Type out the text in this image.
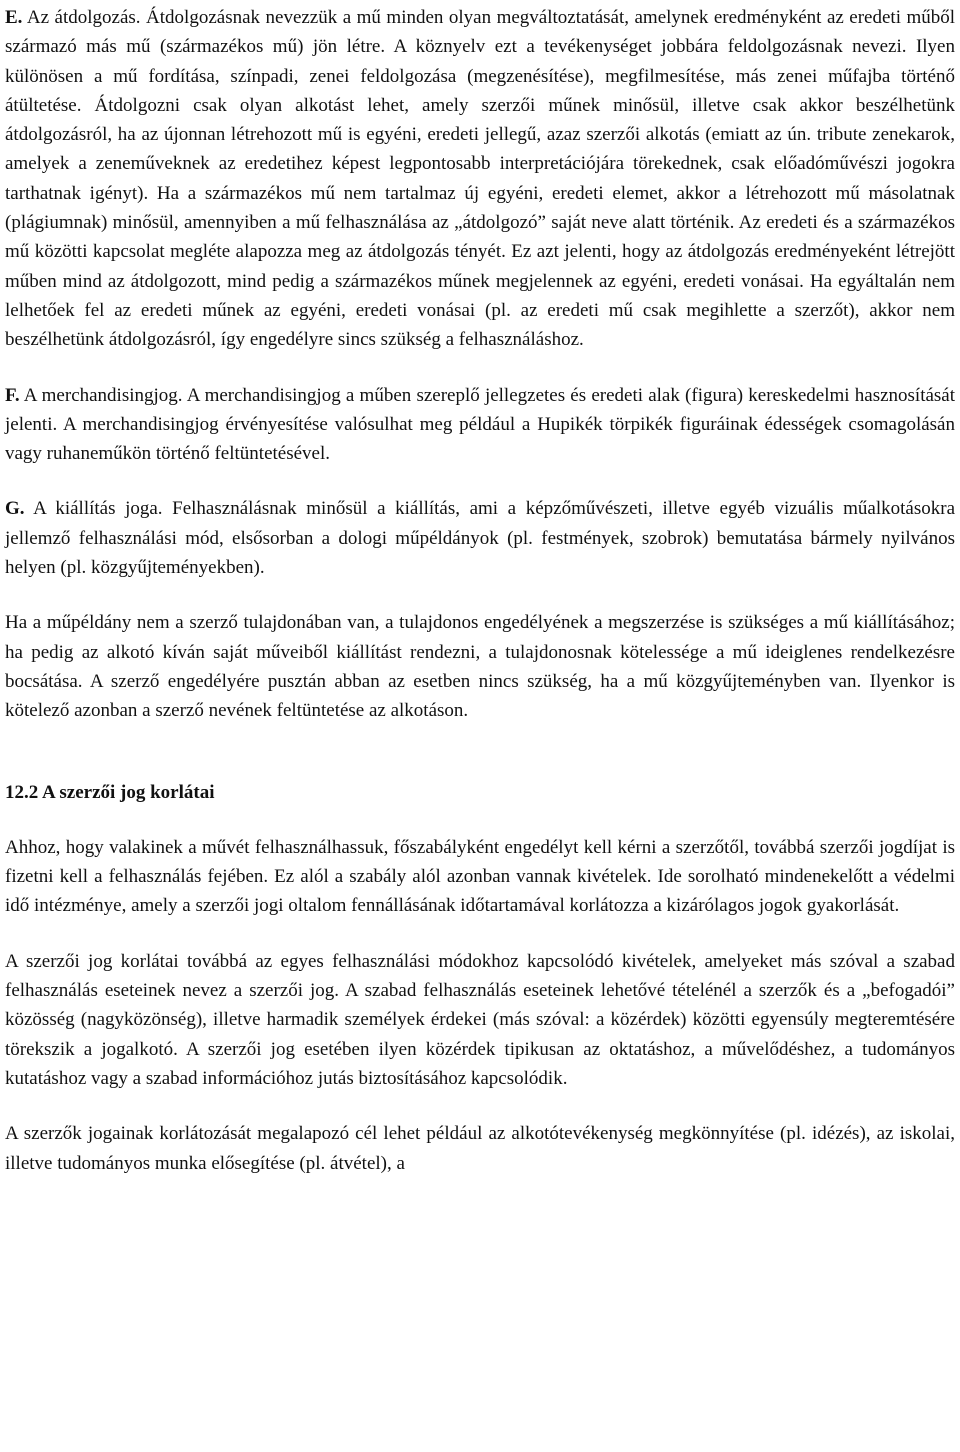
E. Az átdolgozás. Átdolgozásnak nevezzük a mű minden olyan megváltoztatását, amelynek eredményként az eredeti műből származó más mű (származékos mű) jön létre. A köznyelv ezt a tevékenységet jobbára feldolgozásnak nevezi. Ilyen különösen a mű fordítása, színpadi, zenei feldolgozása (megzenésítése), megfilmesítése, más zenei műfajba történő átültetése. Átdolgozni csak olyan alkotást lehet, amely szerzői műnek minősül, illetve csak akkor beszélhetünk átdolgozásról, ha az újonnan létrehozott mű is egyéni, eredeti jellegű, azaz szerzői alkotás (emiatt az ún. tribute zenekarok, amelyek a zeneműveknek az eredetihez képest legpontosabb interpretációjára törekednek, csak előadóművészi jogokra tarthatnak igényt). Ha a származékos mű nem tartalmaz új egyéni, eredeti elemet, akkor a létrehozott mű másolatnak (plágiumnak) minősül, amennyiben a mű felhasználása az „átdolgozó” saját neve alatt történik. Az eredeti és a származékos mű közötti kapcsolat megléte alapozza meg az átdolgozás tényét. Ez azt jelenti, hogy az átdolgozás eredményeként létrejött műben mind az átdolgozott, mind pedig a származékos műnek megjelennek az egyéni, eredeti vonásai. Ha egyáltalán nem lelhetőek fel az eredeti műnek az egyéni, eredeti vonásai (pl. az eredeti mű csak megihlette a szerzőt), akkor nem beszélhetünk átdolgozásról, így engedélyre sincs szükség a felhasználáshoz.

F. A merchandisingjog. A merchandisingjog a műben szereplő jellegzetes és eredeti alak (figura) kereskedelmi hasznosítását jelenti. A merchandisingjog érvényesítése valósulhat meg például a Hupikék törpikék figuráinak édességek csomagolásán vagy ruhaneműkön történő feltüntetésével.

G. A kiállítás joga. Felhasználásnak minősül a kiállítás, ami a képzőművészeti, illetve egyéb vizuális műalkotásokra jellemző felhasználási mód, elsősorban a dologi műpéldányok (pl. festmények, szobrok) bemutatása bármely nyilvános helyen (pl. közgyűjteményekben).

Ha a műpéldány nem a szerző tulajdonában van, a tulajdonos engedélyének a megszerzése is szükséges a mű kiállításához; ha pedig az alkotó kíván saját műveiből kiállítást rendezni, a tulajdonosnak kötelessége a mű ideiglenes rendelkezésre bocsátása. A szerző engedélyére pusztán abban az esetben nincs szükség, ha a mű közgyűjteményben van. Ilyenkor is kötelező azonban a szerző nevének feltüntetése az alkotáson.

12.2 A szerzői jog korlátai

Ahhoz, hogy valakinek a művét felhasználhassuk, főszabályként engedélyt kell kérni a szerzőtől, továbbá szerzői jogdíjat is fizetni kell a felhasználás fejében. Ez alól a szabály alól azonban vannak kivételek. Ide sorolható mindenekelőtt a védelmi idő intézménye, amely a szerzői jogi oltalom fennállásának időtartamával korlátozza a kizárólagos jogok gyakorlását.

A szerzői jog korlátai továbbá az egyes felhasználási módokhoz kapcsolódó kivételek, amelyeket más szóval a szabad felhasználás eseteinek nevez a szerzői jog. A szabad felhasználás eseteinek lehetővé tételénél a szerzők és a „befogadói” közösség (nagyközönség), illetve harmadik személyek érdekei (más szóval: a közérdek) közötti egyensúly megteremtésére törekszik a jogalkotó. A szerzői jog esetében ilyen közérdek tipikusan az oktatáshoz, a művelődéshez, a tudományos kutatáshoz vagy a szabad információhoz jutás biztosításához kapcsolódik.

A szerzők jogainak korlátozását megalapozó cél lehet például az alkotótevékenység megkönnyítése (pl. idézés), az iskolai, illetve tudományos munka elősegítése (pl. átvétel), a
